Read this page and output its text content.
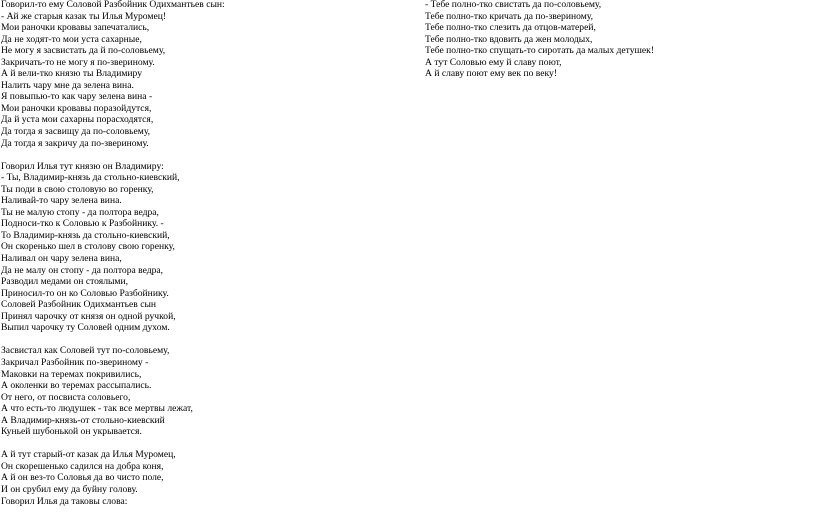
Говорил-то ему Соловой Разбойник Одихмантьев сын:
- Ай же старыя казак ты Илья Муромец!
Мои раночки кровавы запечатались,
Да не ходят-то мои уста сахарные,
Не могу я засвистать да й по-соловьему,
Закричать-то не могу я по-звериному.
А й вели-тко князю ты Владимиру
Налить чару мне да зелена вина.
Я повыпью-то как чару зелена вина -
Мои раночки кровавы поразойдутся,
Да й уста мои сахарны порасходятся,
Да тогда я засвищу да по-соловьему,
Да тогда я закричу да по-звериному.
Говорил Илья тут князю он Владимиру:
- Ты, Владимир-князь да стольно-киевский,
Ты поди в свою столовую во горенку,
Наливай-то чару зелена вина.
Ты не малую стопу - да полтора ведра,
Подноси-тко к Соловью к Разбойнику. -
То Владимир-князь да стольно-киевский,
Он скоренько шел в столову свою горенку,
Наливал он чару зелена вина,
Да не малу он стопу - да полтора ведра,
Разводил медами он стоялыми,
Приносил-то он ко Соловью Разбойнику.
Соловей Разбойник Одихмантьев сын
Принял чарочку от князя он одной ручкой,
Выпил чарочку ту Соловей одним духом.
Засвистал как Соловей тут по-соловьему,
Закричал Разбойник по-звериному -
Маковки на теремах покривились,
А околенки во теремах рассыпались.
От него, от посвиста соловьего,
А что есть-то людушек - так все мертвы лежат,
А Владимир-князь-от стольно-киевский
Куньей шубонькой он укрывается.
А й тут старый-от казак да Илья Муромец,
Он скорешенько садился на добра коня,
А й он вез-то Соловья да во чисто поле,
И он срубил ему да буйну голову.
Говорил Илья да таковы слова:
- Тебе полно-тко свистать да по-соловьему,
Тебе полно-тко кричать да по-звериному,
Тебе полно-тко слезить да отцов-матерей,
Тебе полно-тко вдовить да жен молодых,
Тебе полно-тко спущать-то сиротать да малых детушек!
А тут Соловью ему й славу поют,
А й славу поют ему век по веку!
